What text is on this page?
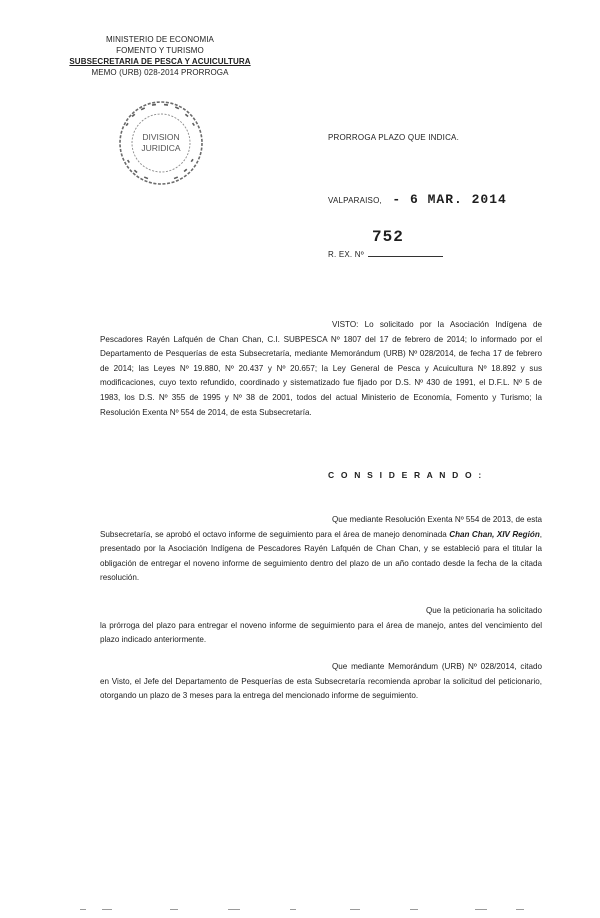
MINISTERIO DE ECONOMIA
FOMENTO Y TURISMO
SUBSECRETARIA DE PESCA Y ACUICULTURA
MEMO (URB) 028-2014 PRORROGA
DIVISION
JURIDICA
PRORROGA PLAZO QUE INDICA.
VALPARAISO, - 6 MAR. 2014
R. EX. Nº
752
VISTO: Lo solicitado por la Asociación Indígena de Pescadores Rayén Lafquén de Chan Chan, C.I. SUBPESCA Nº 1807 del 17 de febrero de 2014; lo informado por el Departamento de Pesquerías de esta Subsecretaría, mediante Memorándum (URB) Nº 028/2014, de fecha 17 de febrero de 2014; las Leyes Nº 19.880, Nº 20.437 y Nº 20.657; la Ley General de Pesca y Acuicultura Nº 18.892 y sus modificaciones, cuyo texto refundido, coordinado y sistematizado fue fijado por D.S. Nº 430 de 1991, el D.F.L. Nº 5 de 1983, los D.S. Nº 355 de 1995 y Nº 38 de 2001, todos del actual Ministerio de Economía, Fomento y Turismo; la Resolución Exenta Nº 554 de 2014, de esta Subsecretaría.
C O N S I D E R A N D O :
Que mediante Resolución Exenta Nº 554 de 2013, de esta Subsecretaría, se aprobó el octavo informe de seguimiento para el área de manejo denominada Chan Chan, XIV Región, presentado por la Asociación Indígena de Pescadores Rayén Lafquén de Chan Chan, y se estableció para el titular la obligación de entregar el noveno informe de seguimiento dentro del plazo de un año contado desde la fecha de la citada resolución.
Que la peticionaria ha solicitado la prórroga del plazo para entregar el noveno informe de seguimiento para el área de manejo, antes del vencimiento del plazo indicado anteriormente.
Que mediante Memorándum (URB) Nº 028/2014, citado en Visto, el Jefe del Departamento de Pesquerías de esta Subsecretaría recomienda aprobar la solicitud del peticionario, otorgando un plazo de 3 meses para la entrega del mencionado informe de seguimiento.
